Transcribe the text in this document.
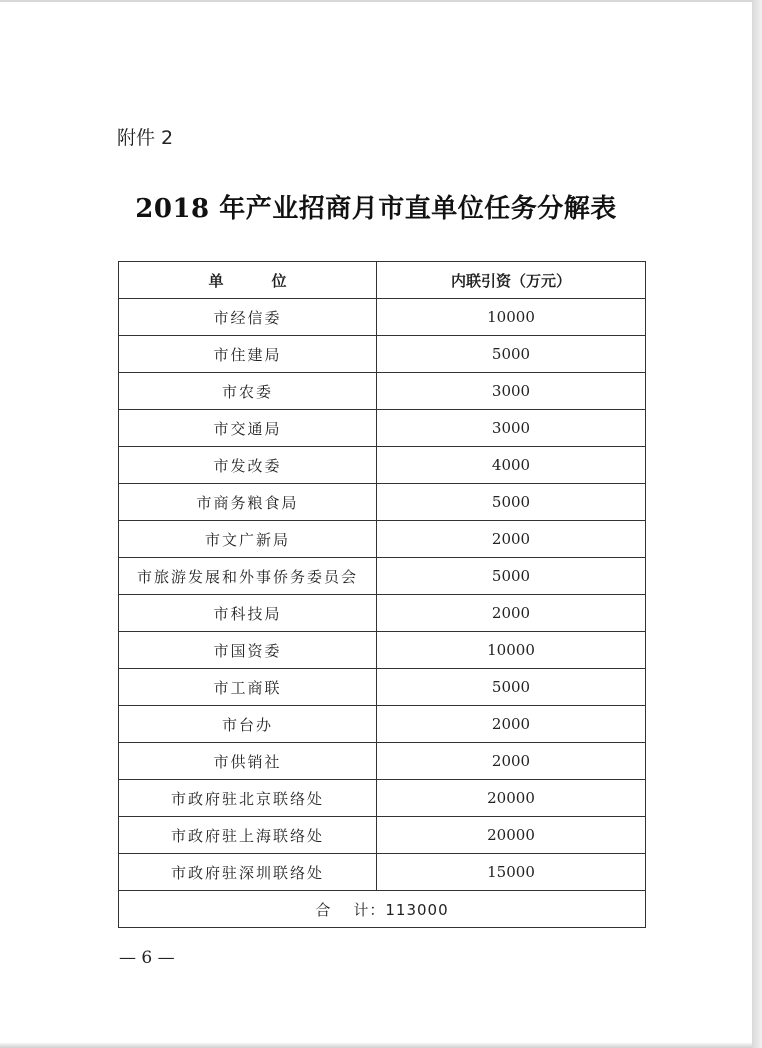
附件 2
2018 年产业招商月市直单位任务分解表
单 位	内联引资（万元）
市经信委	10000
市住建局	5000
市农委	3000
市交通局	3000
市发改委	4000
市商务粮食局	5000
市文广新局	2000
市旅游发展和外事侨务委员会	5000
市科技局	2000
市国资委	10000
市工商联	5000
市台办	2000
市供销社	2000
市政府驻北京联络处	20000
市政府驻上海联络处	20000
市政府驻深圳联络处	15000
合 计：113000	
— 6 —
